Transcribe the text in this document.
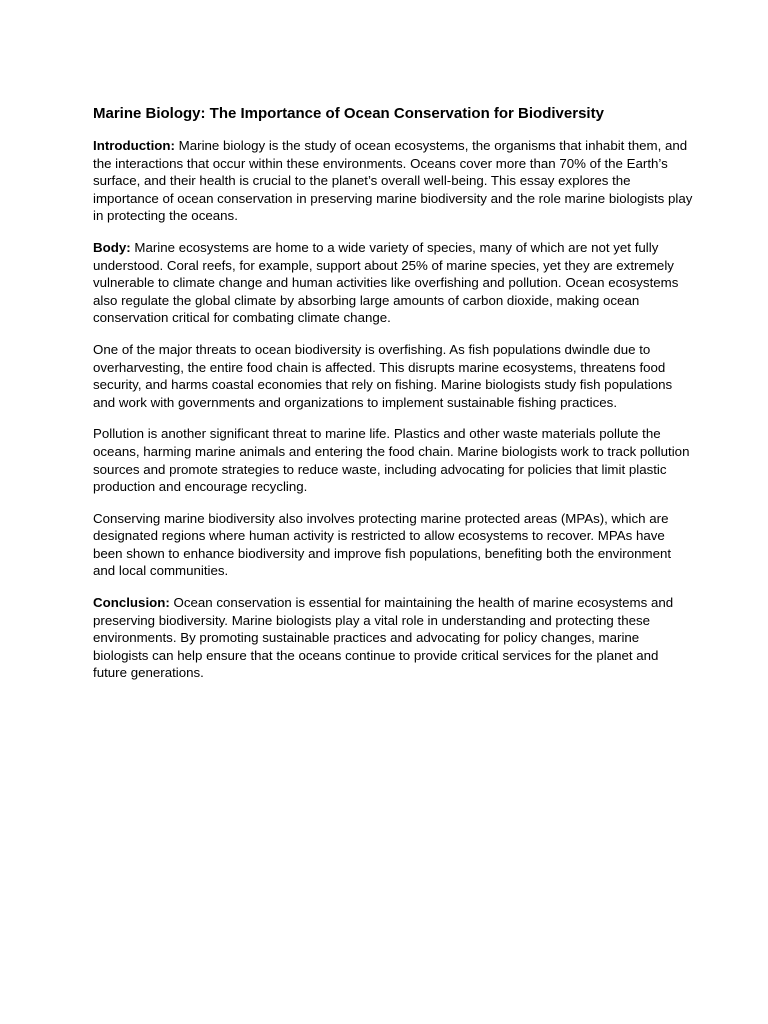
Marine Biology: The Importance of Ocean Conservation for Biodiversity

Introduction: Marine biology is the study of ocean ecosystems, the organisms that inhabit them, and the interactions that occur within these environments. Oceans cover more than 70% of the Earth’s surface, and their health is crucial to the planet’s overall well-being. This essay explores the importance of ocean conservation in preserving marine biodiversity and the role marine biologists play in protecting the oceans.

Body: Marine ecosystems are home to a wide variety of species, many of which are not yet fully understood. Coral reefs, for example, support about 25% of marine species, yet they are extremely vulnerable to climate change and human activities like overfishing and pollution. Ocean ecosystems also regulate the global climate by absorbing large amounts of carbon dioxide, making ocean conservation critical for combating climate change.

One of the major threats to ocean biodiversity is overfishing. As fish populations dwindle due to overharvesting, the entire food chain is affected. This disrupts marine ecosystems, threatens food security, and harms coastal economies that rely on fishing. Marine biologists study fish populations and work with governments and organizations to implement sustainable fishing practices.

Pollution is another significant threat to marine life. Plastics and other waste materials pollute the oceans, harming marine animals and entering the food chain. Marine biologists work to track pollution sources and promote strategies to reduce waste, including advocating for policies that limit plastic production and encourage recycling.

Conserving marine biodiversity also involves protecting marine protected areas (MPAs), which are designated regions where human activity is restricted to allow ecosystems to recover. MPAs have been shown to enhance biodiversity and improve fish populations, benefiting both the environment and local communities.

Conclusion: Ocean conservation is essential for maintaining the health of marine ecosystems and preserving biodiversity. Marine biologists play a vital role in understanding and protecting these environments. By promoting sustainable practices and advocating for policy changes, marine biologists can help ensure that the oceans continue to provide critical services for the planet and future generations.
